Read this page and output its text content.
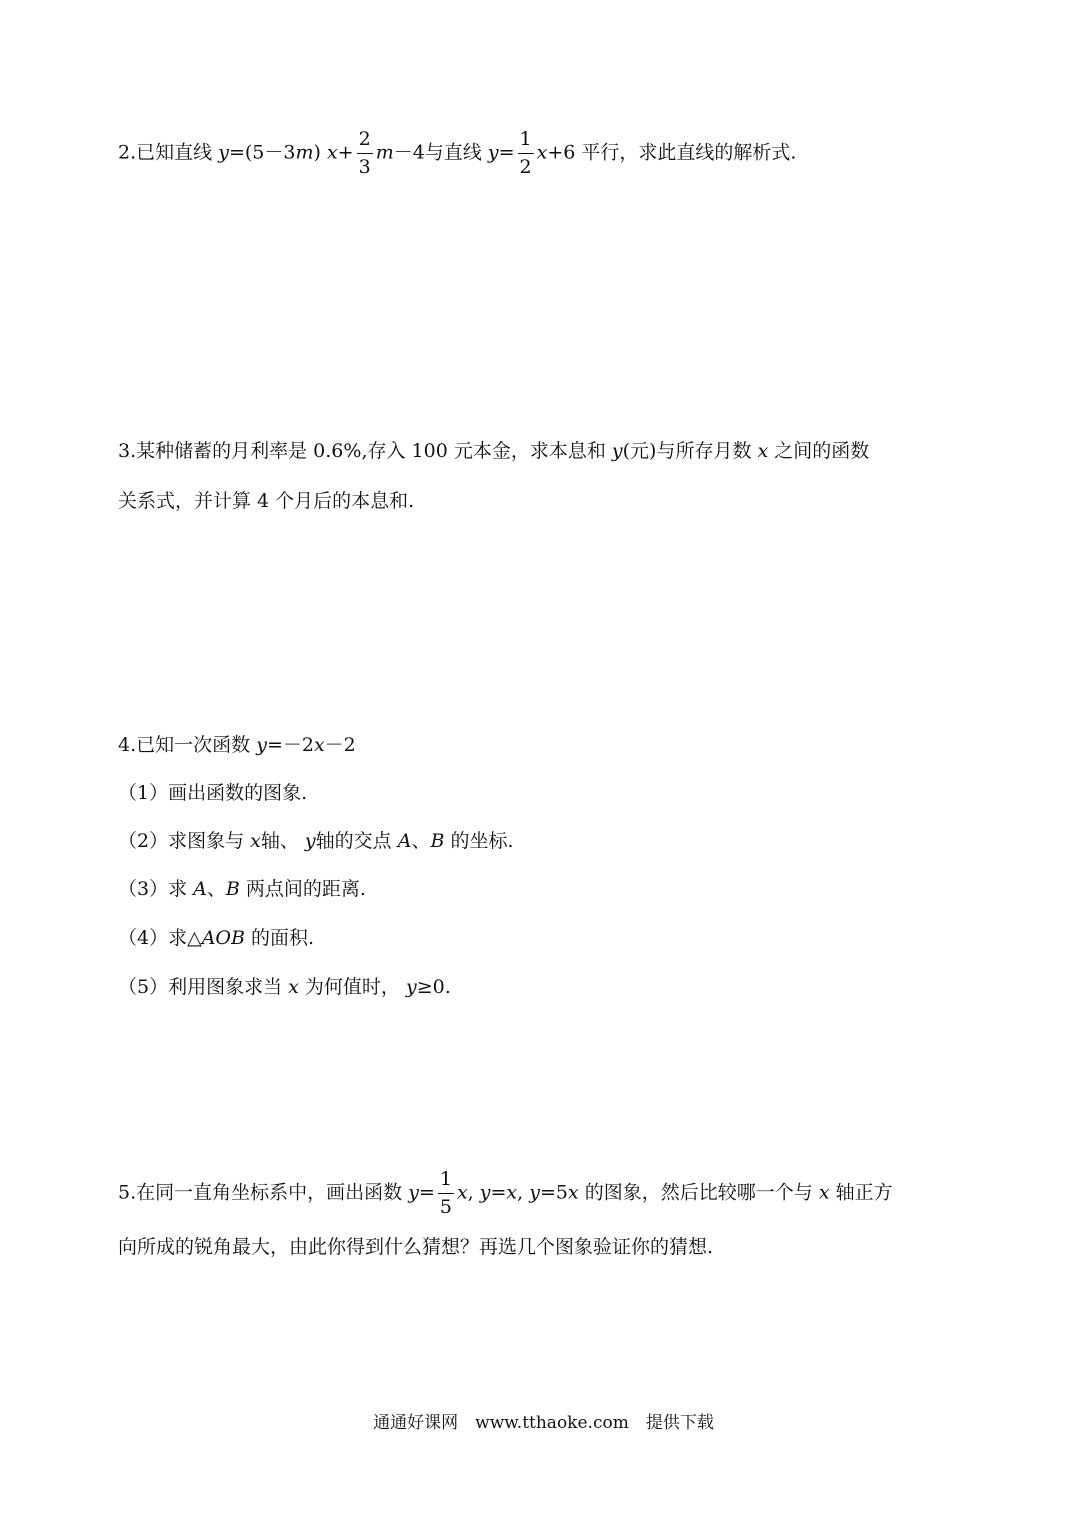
2.已知直线 y=(5－3m) $x+ \frac{2}{3} m-4$与直线 $y= \frac{1}{2} x+6$ 平行，求此直线的解析式.
3.某种储蓄的月利率是 0.6%,存入 100 元本金，求本息和 y(元)与所存月数 x 之间的函数
关系式，并计算 4 个月后的本息和.
4.已知一次函数 y=－2x－2
（1）画出函数的图象.
（2）求图象与 x轴、 y轴的交点 A、B 的坐标.
（3）求 A、B 两点间的距离.
（4）求△AOB 的面积.
（5）利用图象求当 x 为何值时， y≥0.
5.在同一直角坐标系中，画出函数 $y= \frac{1}{5} x$, y=x, y=5x 的图象，然后比较哪一个与 x 轴正方
向所成的锐角最大，由此你得到什么猜想？再选几个图象验证你的猜想.
通通好课网　www.tthaoke.com　提供下载
